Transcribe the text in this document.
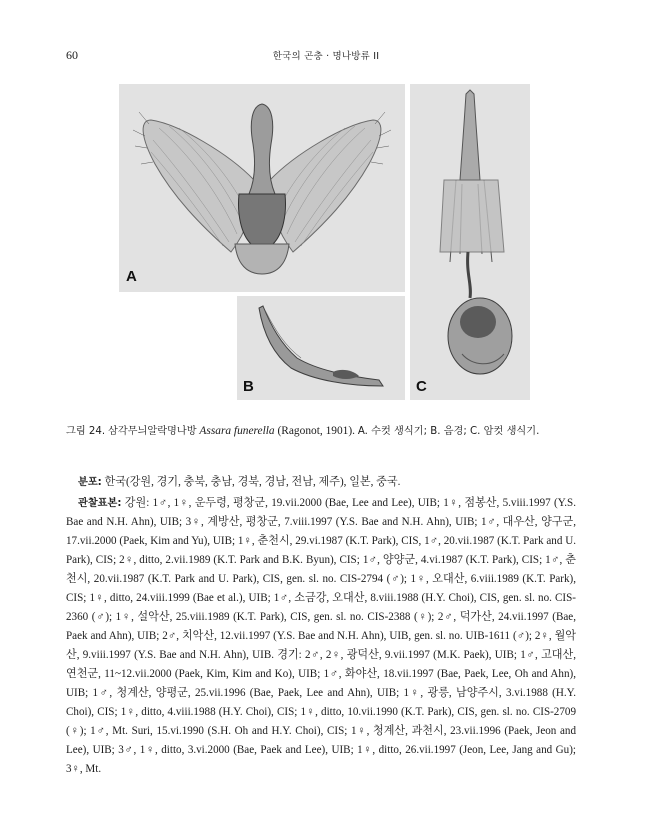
60	한국의 곤충 · 명나방류 II
A
B	C
그림 24. 삼각무늬알락명나방 Assara funerella (Ragonot, 1901). A. 수컷 생식기; B. 음경; C. 암컷 생식기.

분포: 한국(강원, 경기, 충북, 충남, 경북, 경남, 전남, 제주), 일본, 중국.

관찰표본: 강원: 1♂, 1♀, 운두령, 평창군, 19.vii.2000 (Bae, Lee and Lee), UIB; 1♀, 점봉산, 5.viii.1997 (Y.S. Bae and N.H. Ahn), UIB; 3♀, 계방산, 평창군, 7.viii.1997 (Y.S. Bae and N.H. Ahn), UIB; 1♂, 대우산, 양구군, 17.vii.2000 (Paek, Kim and Yu), UIB; 1♀, 춘천시, 29.vi.1987 (K.T. Park), CIS, 1♂, 20.vii.1987 (K.T. Park and U. Park), CIS; 2♀, ditto, 2.vii.1989 (K.T. Park and B.K. Byun), CIS; 1♂, 양양군, 4.vi.1987 (K.T. Park), CIS; 1♂, 춘천시, 20.vii.1987 (K.T. Park and U. Park), CIS, gen. sl. no. CIS-2794 (♂); 1♀, 오대산, 6.viii.1989 (K.T. Park), CIS; 1♀, ditto, 24.viii.1999 (Bae et al.), UIB; 1♂, 소금강, 오대산, 8.viii.1988 (H.Y. Choi), CIS, gen. sl. no. CIS-2360 (♂); 1♀, 설악산, 25.viii.1989 (K.T. Park), CIS, gen. sl. no. CIS-2388 (♀); 2♂, 덕가산, 24.vii.1997 (Bae, Paek and Ahn), UIB; 2♂, 치악산, 12.vii.1997 (Y.S. Bae and N.H. Ahn), UIB, gen. sl. no. UIB-1611 (♂); 2♀, 월악산, 9.viii.1997 (Y.S. Bae and N.H. Ahn), UIB. 경기: 2♂, 2♀, 광덕산, 9.vii.1997 (M.K. Paek), UIB; 1♂, 고대산, 연천군, 11~12.vii.2000 (Paek, Kim, Kim and Ko), UIB; 1♂, 화야산, 18.vii.1997 (Bae, Paek, Lee, Oh and Ahn), UIB; 1♂, 청계산, 양평군, 25.vii.1996 (Bae, Paek, Lee and Ahn), UIB; 1♀, 광릉, 남양주시, 3.vi.1988 (H.Y. Choi), CIS; 1♀, ditto, 4.viii.1988 (H.Y. Choi), CIS; 1♀, ditto, 10.vii.1990 (K.T. Park), CIS, gen. sl. no. CIS-2709 (♀); 1♂, Mt. Suri, 15.vi.1990 (S.H. Oh and H.Y. Choi), CIS; 1♀, 청계산, 과천시, 23.vii.1996 (Paek, Jeon and Lee), UIB; 3♂, 1♀, ditto, 3.vi.2000 (Bae, Paek and Lee), UIB; 1♀, ditto, 26.vii.1997 (Jeon, Lee, Jang and Gu); 3♀, Mt.
